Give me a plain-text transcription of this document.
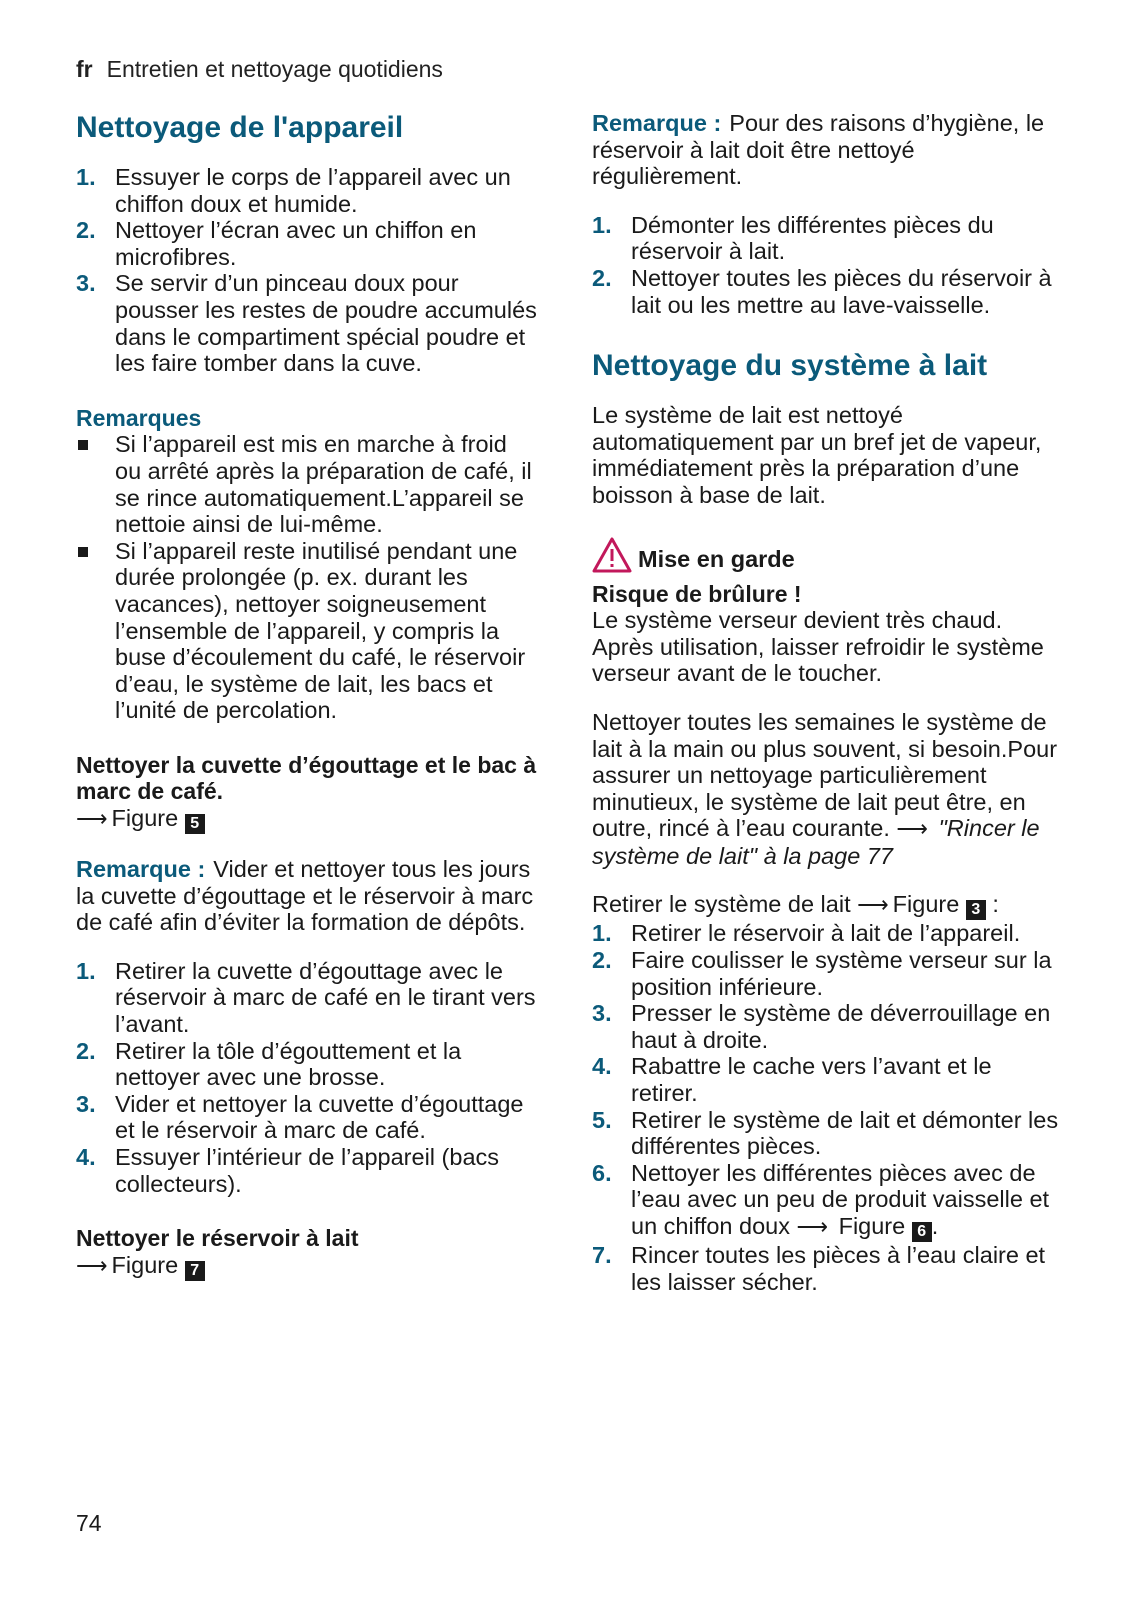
fr Entretien et nettoyage quotidiens
Nettoyage de l'appareil
1. Essuyer le corps de l’appareil avec un chiffon doux et humide.
2. Nettoyer l’écran avec un chiffon en microfibres.
3. Se servir d’un pinceau doux pour pousser les restes de poudre accumulés dans le compartiment spécial poudre et les faire tomber dans la cuve.
Remarques
Si l’appareil est mis en marche à froid ou arrêté après la préparation de café, il se rince automatiquement.L’appareil se nettoie ainsi de lui-même.
Si l’appareil reste inutilisé pendant une durée prolongée (p. ex. durant les vacances), nettoyer soigneusement l’ensemble de l’appareil, y compris la buse d’écoulement du café, le réservoir d’eau, le système de lait, les bacs et l’unité de percolation.
Nettoyer la cuvette d’égouttage et le bac à marc de café.

⟶ Figure 5

Remarque : Vider et nettoyer tous les jours la cuvette d’égouttage et le réservoir à marc de café afin d’éviter la formation de dépôts.

1. Retirer la cuvette d’égouttage avec le réservoir à marc de café en le tirant vers l’avant.
2. Retirer la tôle d’égouttement et la nettoyer avec une brosse.
3. Vider et nettoyer la cuvette d’égouttage et le réservoir à marc de café.
4. Essuyer l’intérieur de l’appareil (bacs collecteurs).
Nettoyer le réservoir à lait

⟶ Figure 7

Remarque : Pour des raisons d’hygiène, le réservoir à lait doit être nettoyé régulièrement.

1. Démonter les différentes pièces du réservoir à lait.
2. Nettoyer toutes les pièces du réservoir à lait ou les mettre au lave-vaisselle.
Nettoyage du système à lait

Le système de lait est nettoyé automatiquement par un bref jet de vapeur, immédiatement près la préparation d’une boisson à base de lait.

Mise en garde
Risque de brûlure !

Le système verseur devient très chaud. Après utilisation, laisser refroidir le système verseur avant de le toucher.

Nettoyer toutes les semaines le système de lait à la main ou plus souvent, si besoin.Pour assurer un nettoyage particulièrement minutieux, le système de lait peut être, en outre, rincé à l’eau courante. ⟶ "Rincer le système de lait" à la page 77

Retirer le système de lait ⟶ Figure 3 :

1. Retirer le réservoir à lait de l’appareil.
2. Faire coulisser le système verseur sur la position inférieure.
3. Presser le système de déverrouillage en haut à droite.
4. Rabattre le cache vers l’avant et le retirer.
5. Retirer le système de lait et démonter les différentes pièces.
6. Nettoyer les différentes pièces avec de l’eau avec un peu de produit vaisselle et un chiffon doux ⟶ Figure 6 .
7. Rincer toutes les pièces à l’eau claire et les laisser sécher.
74
